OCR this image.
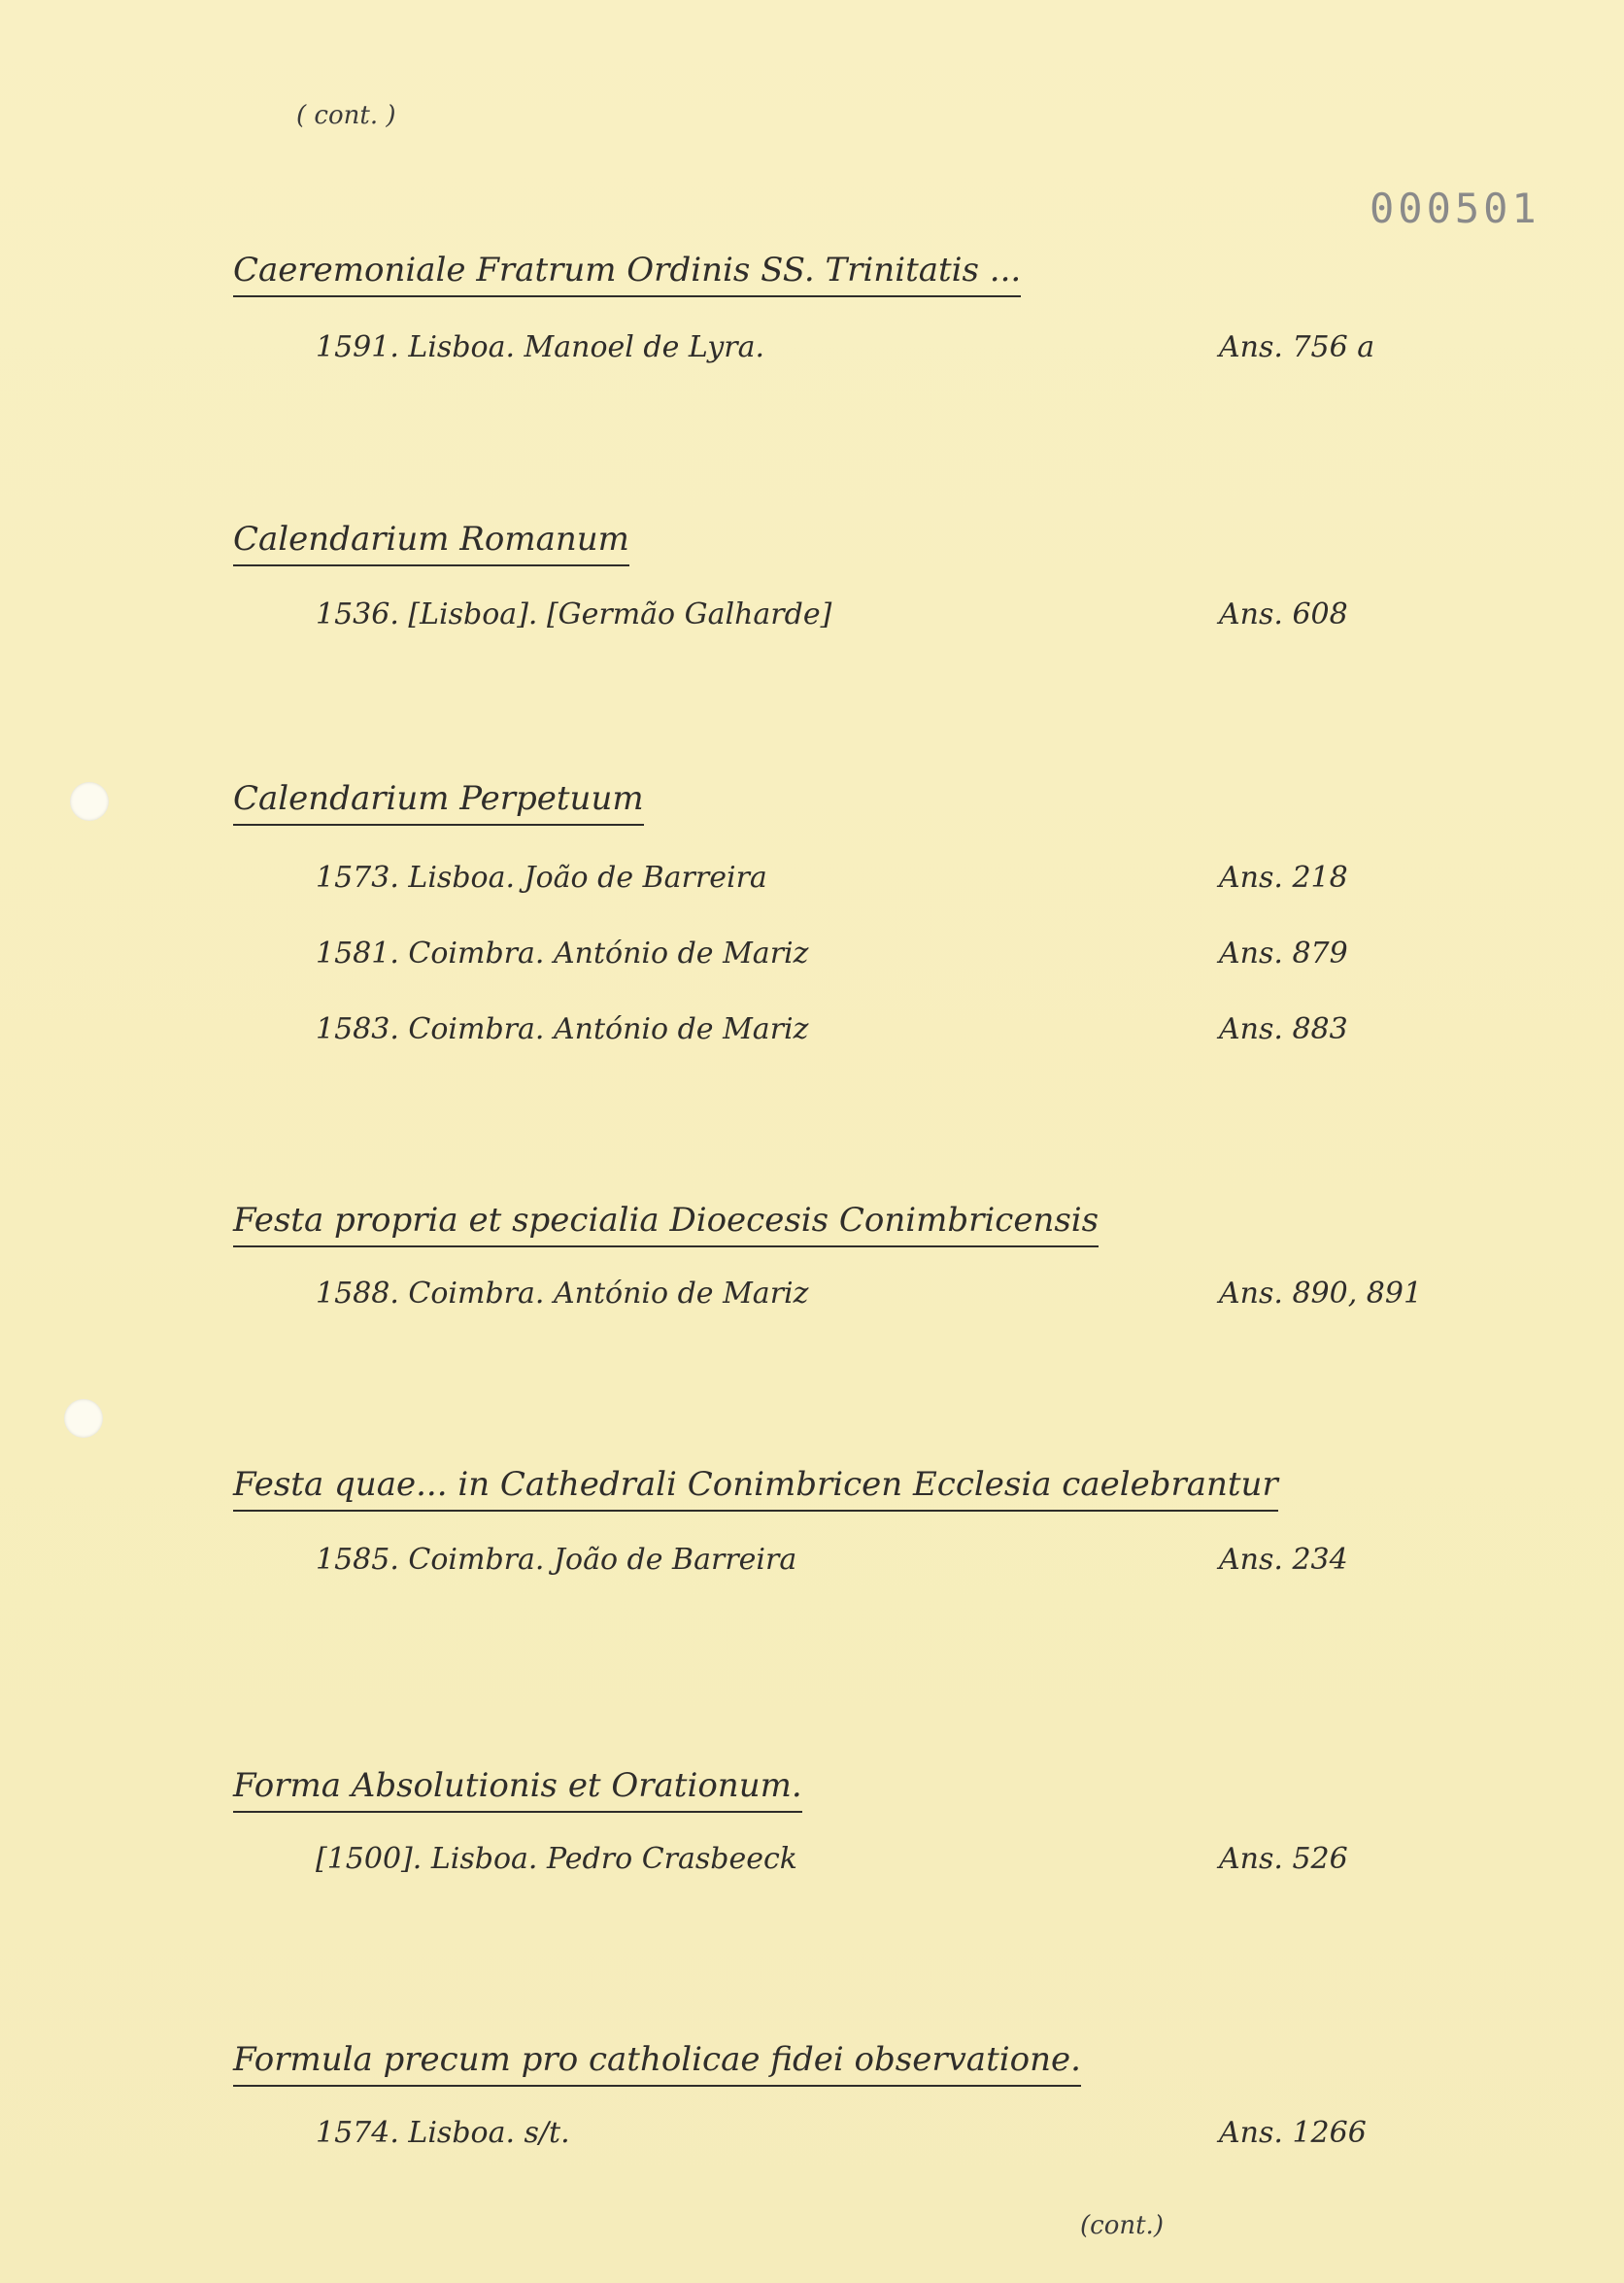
( cont. )
000501
Caeremoniale Fratrum Ordinis SS. Trinitatis ...
1591. Lisboa. Manoel de Lyra.	Ans. 756 a
Calendarium Romanum
1536. [Lisboa]. [Germão Galharde]	Ans. 608
Calendarium Perpetuum
1573. Lisboa. João de Barreira	Ans. 218
1581. Coimbra. António de Mariz	Ans. 879
1583. Coimbra. António de Mariz	Ans. 883
Festa propria et specialia Dioecesis Conimbricensis
1588. Coimbra. António de Mariz	Ans. 890, 891
Festa quae... in Cathedrali Conimbricen Ecclesia caelebrantur
1585. Coimbra. João de Barreira	Ans. 234
Forma Absolutionis et Orationum.
[1500]. Lisboa. Pedro Crasbeeck	Ans. 526
Formula precum pro catholicae fidei observatione.
1574. Lisboa. s/t.	Ans. 1266
(cont.)
